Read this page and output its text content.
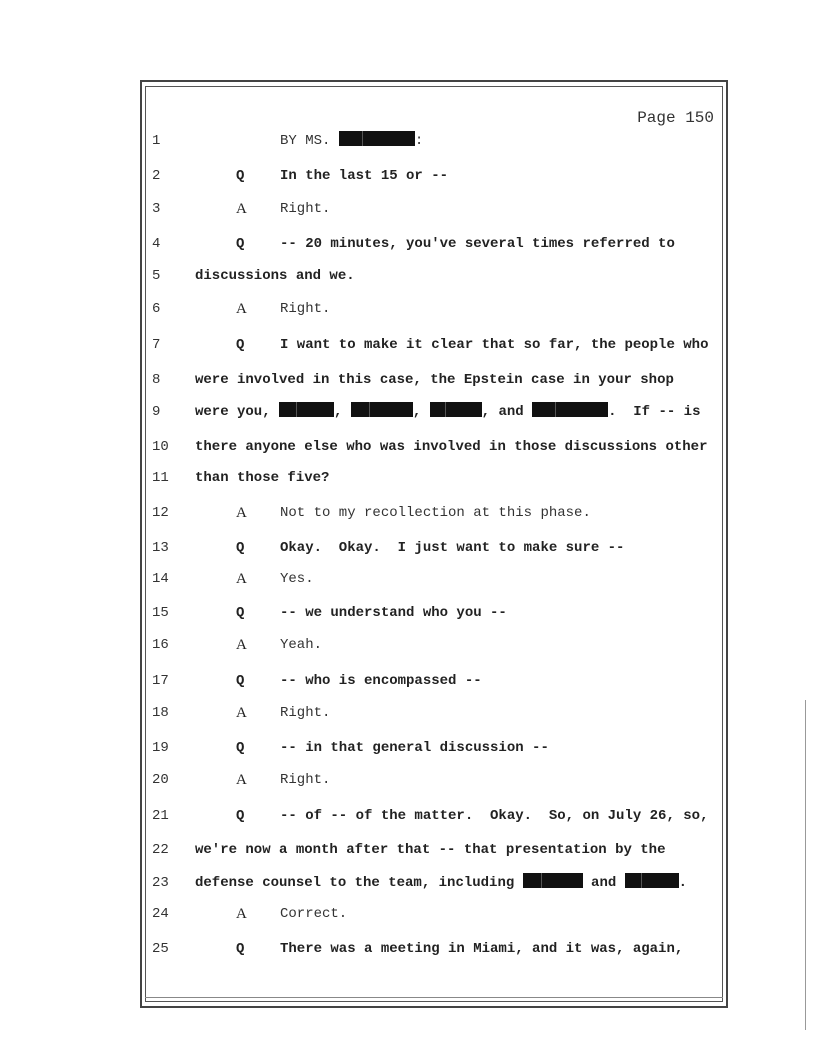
Page 150
1	BY MS.	:
2	Q	In the last 15 or --
3	A	Right.
4	Q	-- 20 minutes, you've several times referred to
5	discussions and we.
6	A	Right.
7	Q	I want to make it clear that so far, the people who
8	were involved in this case, the Epstein case in your shop
9	were you,	,	,	, and	.  If -- is
10	there anyone else who was involved in those discussions other
11	than those five?
12	A	Not to my recollection at this phase.
13	Q	Okay.  Okay.  I just want to make sure --
14	A	Yes.
15	Q	-- we understand who you --
16	A	Yeah.
17	Q	-- who is encompassed --
18	A	Right.
19	Q	-- in that general discussion --
20	A	Right.
21	Q	-- of -- of the matter.  Okay.  So, on July 26, so,
22	we're now a month after that -- that presentation by the
23	defense counsel to the team, including	and	.
24	A	Correct.
25	Q	There was a meeting in Miami, and it was, again,
